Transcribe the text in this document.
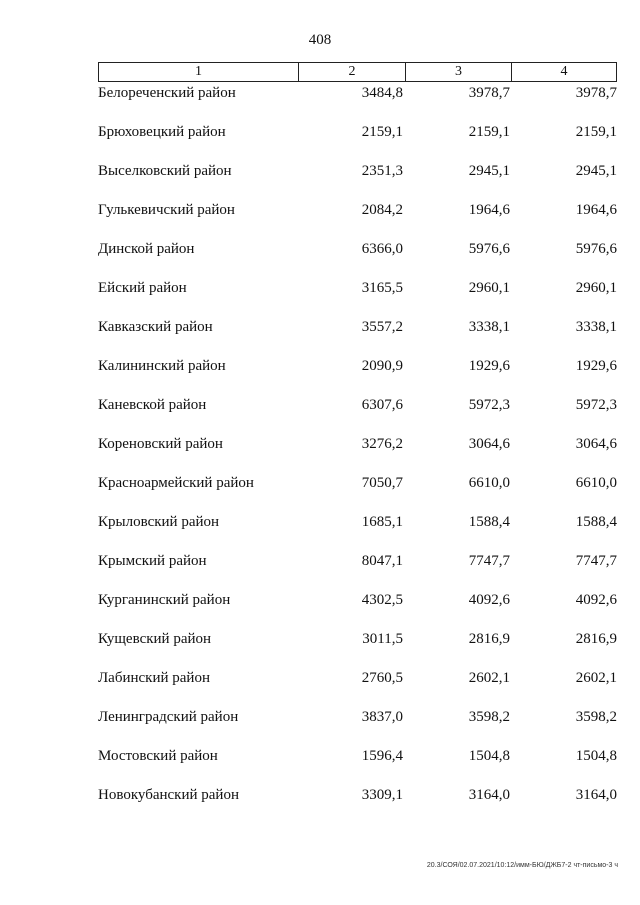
408
1	2	3	4
Белореченский район	3484,8	3978,7	3978,7
Брюховецкий район	2159,1	2159,1	2159,1
Выселковский район	2351,3	2945,1	2945,1
Гулькевичский район	2084,2	1964,6	1964,6
Динской район	6366,0	5976,6	5976,6
Ейский район	3165,5	2960,1	2960,1
Кавказский район	3557,2	3338,1	3338,1
Калининский район	2090,9	1929,6	1929,6
Каневской район	6307,6	5972,3	5972,3
Кореновский район	3276,2	3064,6	3064,6
Красноармейский район	7050,7	6610,0	6610,0
Крыловский район	1685,1	1588,4	1588,4
Крымский район	8047,1	7747,7	7747,7
Курганинский район	4302,5	4092,6	4092,6
Кущевский район	3011,5	2816,9	2816,9
Лабинский район	2760,5	2602,1	2602,1
Ленинградский район	3837,0	3598,2	3598,2
Мостовский район	1596,4	1504,8	1504,8
Новокубанский район	3309,1	3164,0	3164,0
20.3/СОЯ/02.07.2021/10:12/имм-БЮ/ДЖБ7-2 чт-письмо-3 ч
